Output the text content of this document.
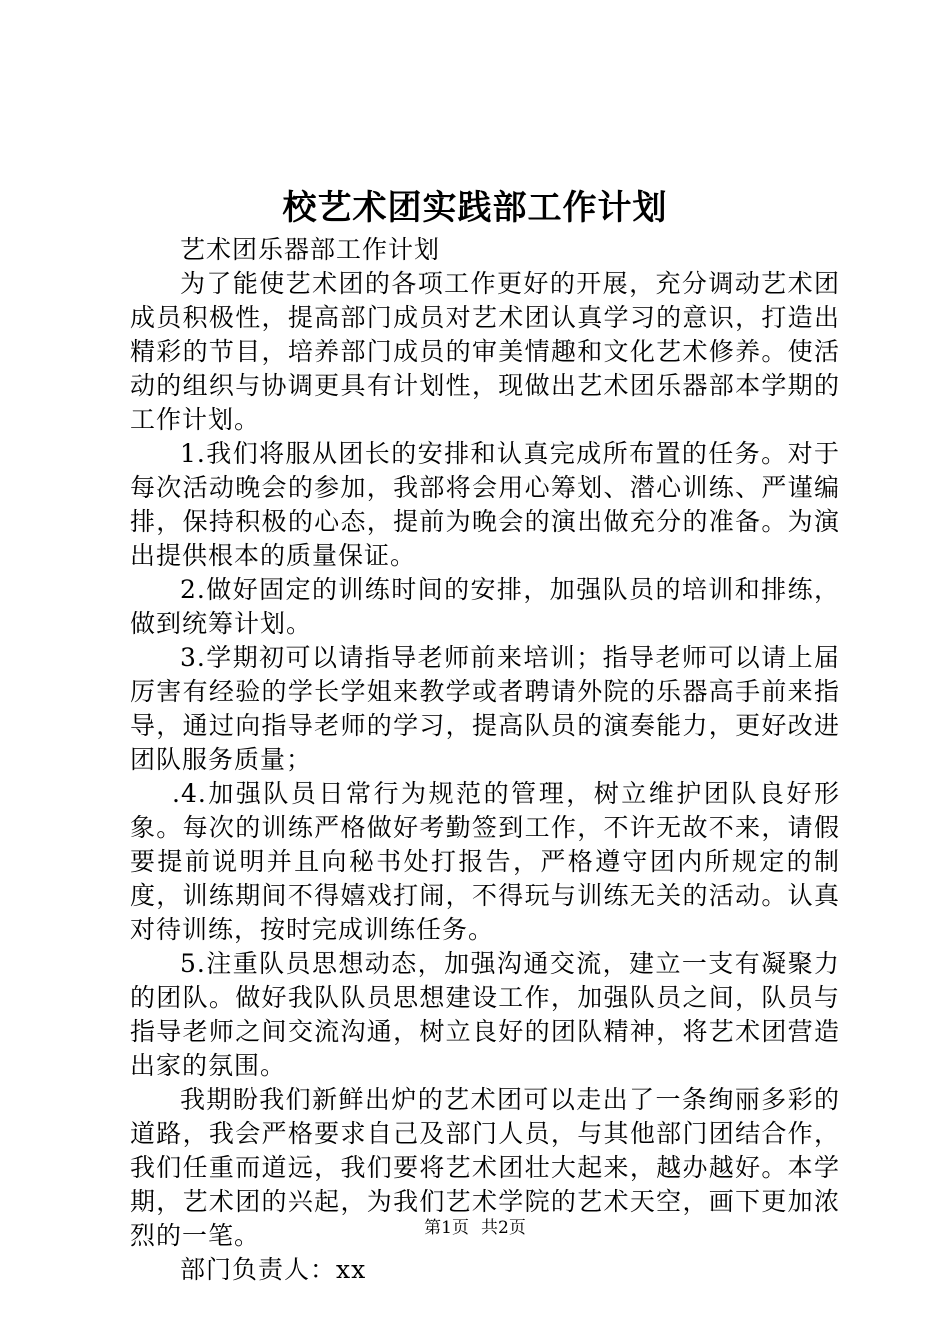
校艺术团实践部工作计划

艺术团乐器部工作计划

为了能使艺术团的各项工作更好的开展，充分调动艺术团成员积极性，提高部门成员对艺术团认真学习的意识，打造出精彩的节目，培养部门成员的审美情趣和文化艺术修养。使活动的组织与协调更具有计划性，现做出艺术团乐器部本学期的工作计划。

1.我们将服从团长的安排和认真完成所布置的任务。对于每次活动晚会的参加，我部将会用心筹划、潜心训练、严谨编排，保持积极的心态，提前为晚会的演出做充分的准备。为演出提供根本的质量保证。

2.做好固定的训练时间的安排，加强队员的培训和排练，做到统筹计划。

3.学期初可以请指导老师前来培训；指导老师可以请上届厉害有经验的学长学姐来教学或者聘请外院的乐器高手前来指导，通过向指导老师的学习，提高队员的演奏能力，更好改进团队服务质量；

.4.加强队员日常行为规范的管理，树立维护团队良好形象。每次的训练严格做好考勤签到工作，不许无故不来，请假要提前说明并且向秘书处打报告，严格遵守团内所规定的制度，训练期间不得嬉戏打闹，不得玩与训练无关的活动。认真对待训练，按时完成训练任务。

5.注重队员思想动态，加强沟通交流，建立一支有凝聚力的团队。做好我队队员思想建设工作，加强队员之间，队员与指导老师之间交流沟通，树立良好的团队精神，将艺术团营造出家的氛围。

我期盼我们新鲜出炉的艺术团可以走出了一条绚丽多彩的道路，我会严格要求自己及部门人员，与其他部门团结合作，我们任重而道远，我们要将艺术团壮大起来，越办越好。本学期，艺术团的兴起，为我们艺术学院的艺术天空，画下更加浓烈的一笔。

部门负责人：xx

第1页 共2页
